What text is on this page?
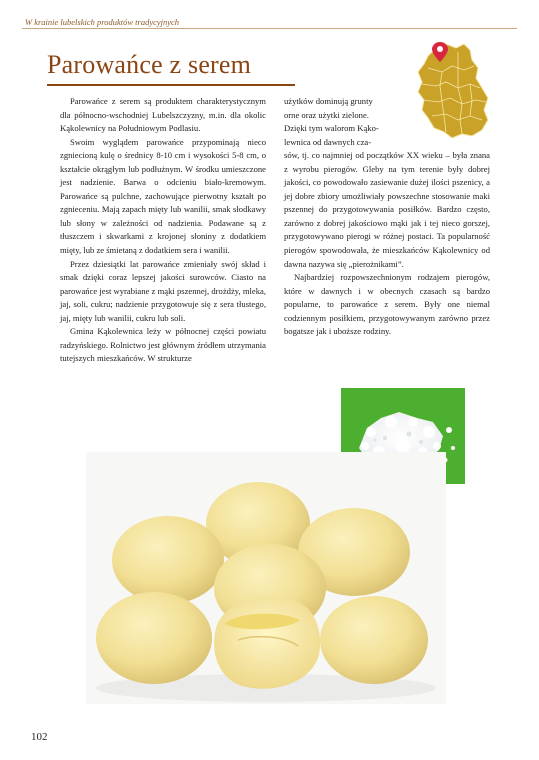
W krainie lubelskich produktów tradycyjnych
Parowańce z serem

Parowańce z serem są produktem charakterystycznym dla północno-wschodniej Lubelszczyzny, m.in. dla okolic Kąkolewnicy na Południowym Podlasiu.

Swoim wyglądem parowańce przypominają nieco zgniecioną kulę o średnicy 8-10 cm i wysokości 5-8 cm, o kształcie okrągłym lub podłużnym. W środku umieszczone jest nadzienie. Barwa o odcieniu biało-kremowym. Parowańce są pulchne, zachowujące pierwotny kształt po zgnieceniu. Mają zapach mięty lub wanilii, smak słodkawy lub słony w zależności od nadzienia. Podawane są z tłuszczem i skwarkami z krojonej słoniny z dodatkiem mięty, lub ze śmietaną z dodatkiem sera i wanilii.

Przez dziesiątki lat parowańce zmieniały swój skład i smak dzięki coraz lepszej jakości surowców. Ciasto na parowańce jest wyrabiane z mąki pszennej, drożdży, mleka, jaj, soli, cukru; nadzienie przygotowuje się z sera tłustego, jaj, mięty lub wanilii, cukru lub soli.

Gmina Kąkolewnica leży w północnej części powiatu radzyńskiego. Rolnictwo jest głównym źródłem utrzymania tutejszych mieszkańców. W strukturze

użytków dominują grunty
orne oraz użytki zielone.
Dzięki tym walorom Kąko-
lewnica od dawnych cza-

sów, tj. co najmniej od początków XX wieku – była znana z wyrobu pierogów. Gleby na tym terenie były dobrej jakości, co powodowało zasiewanie dużej ilości pszenicy, a jej dobre zbiory umożliwiały powszechne stosowanie maki pszennej do przygotowywania posiłków. Bardzo często, zarówno z dobrej jakościowo mąki jak i tej nieco gorszej, przygotowywano pierogi w różnej postaci. Ta popularność pierogów spowodowała, że mieszkańców Kąkolewnicy od dawna nazywa się „pierożnikami”.

Najbardziej rozpowszechnionym rodzajem pierogów, które w dawnych i w obecnych czasach są bardzo popularne, to parowańce z serem. Były one niemal codziennym posiłkiem, przygotowywanym zarówno przez bogatsze jak i uboższe rodziny.

102
